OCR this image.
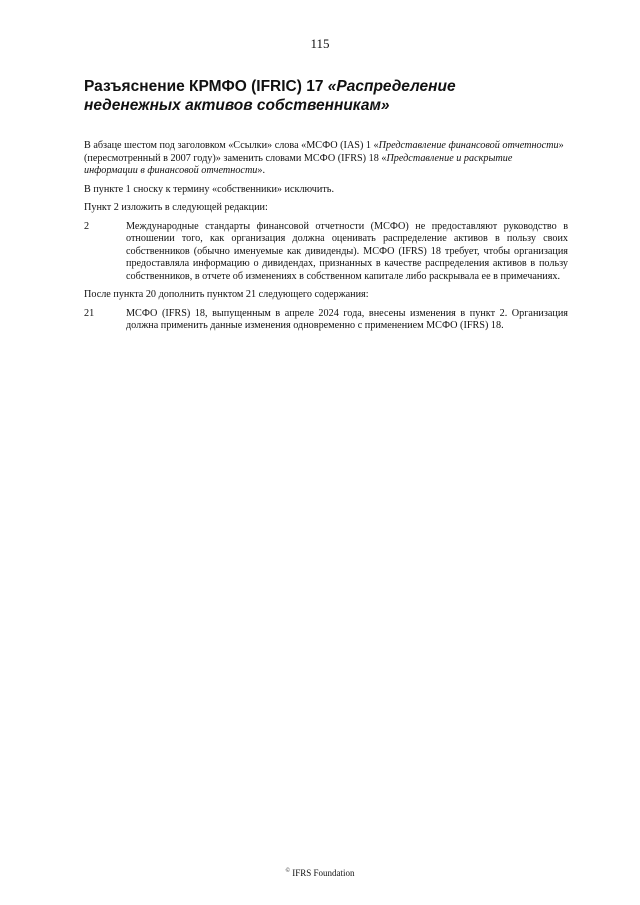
115
Разъяснение КРМФО (IFRIC) 17 «Распределение неденежных активов собственникам»

В абзаце шестом под заголовком «Ссылки» слова «МСФО (IAS) 1 «Представление финансовой отчетности» (пересмотренный в 2007 году)» заменить словами МСФО (IFRS) 18 «Представление и раскрытие информации в финансовой отчетности».

В пункте 1 сноску к термину «собственники» исключить.

Пункт 2 изложить в следующей редакции:

2	Международные стандарты финансовой отчетности (МСФО) не предоставляют руководство в отношении того, как организация должна оценивать распределение активов в пользу своих собственников (обычно именуемые как дивиденды). МСФО (IFRS) 18 требует, чтобы организация предоставляла информацию о дивидендах, признанных в качестве распределения активов в пользу собственников, в отчете об изменениях в собственном капитале либо раскрывала ее в примечаниях.

После пункта 20 дополнить пунктом 21 следующего содержания:

21	МСФО (IFRS) 18, выпущенным в апреле 2024 года, внесены изменения в пункт 2. Организация должна применить данные изменения одновременно с применением МСФО (IFRS) 18.
© IFRS Foundation
